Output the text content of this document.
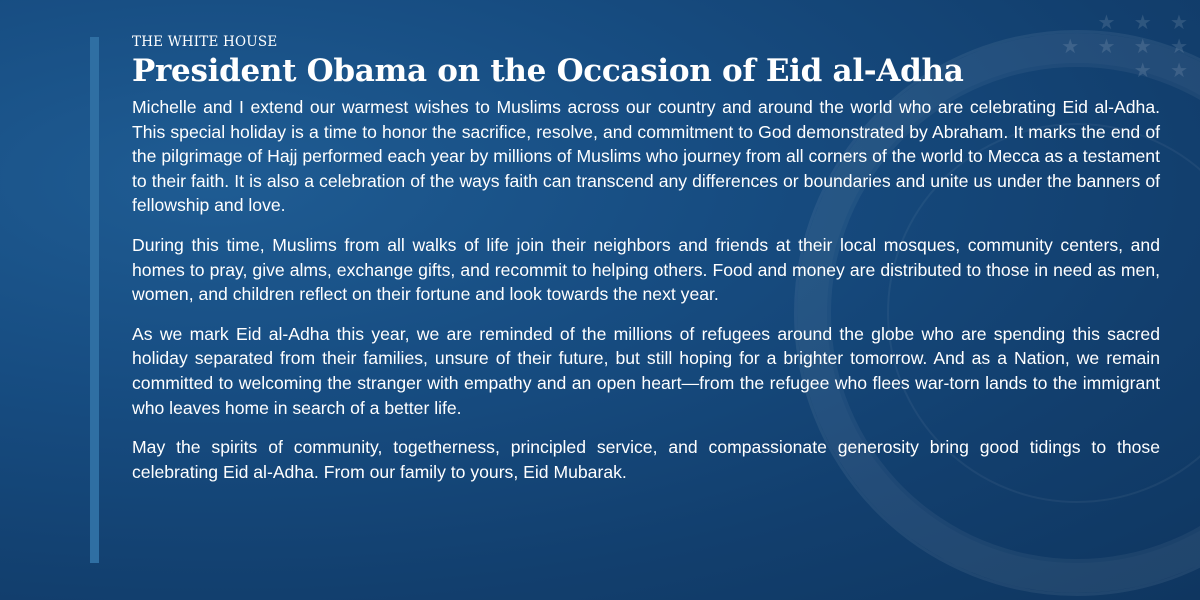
★ ★ ★
★ ★ ★ ★
★ ★

THE WHITE HOUSE

President Obama on the Occasion of Eid al-Adha

Michelle and I extend our warmest wishes to Muslims across our country and around the world who are celebrating Eid al-Adha. This special holiday is a time to honor the sacrifice, resolve, and commitment to God demonstrated by Abraham. It marks the end of the pilgrimage of Hajj performed each year by millions of Muslims who journey from all corners of the world to Mecca as a testament to their faith. It is also a celebration of the ways faith can transcend any differences or boundaries and unite us under the banners of fellowship and love.

During this time, Muslims from all walks of life join their neighbors and friends at their local mosques, community centers, and homes to pray, give alms, exchange gifts, and recommit to helping others. Food and money are distributed to those in need as men, women, and children reflect on their fortune and look towards the next year.

As we mark Eid al-Adha this year, we are reminded of the millions of refugees around the globe who are spending this sacred holiday separated from their families, unsure of their future, but still hoping for a brighter tomorrow. And as a Nation, we remain committed to welcoming the stranger with empathy and an open heart—from the refugee who flees war-torn lands to the immigrant who leaves home in search of a better life.

May the spirits of community, togetherness, principled service, and compassionate generosity bring good tidings to those celebrating Eid al-Adha. From our family to yours, Eid Mubarak.
